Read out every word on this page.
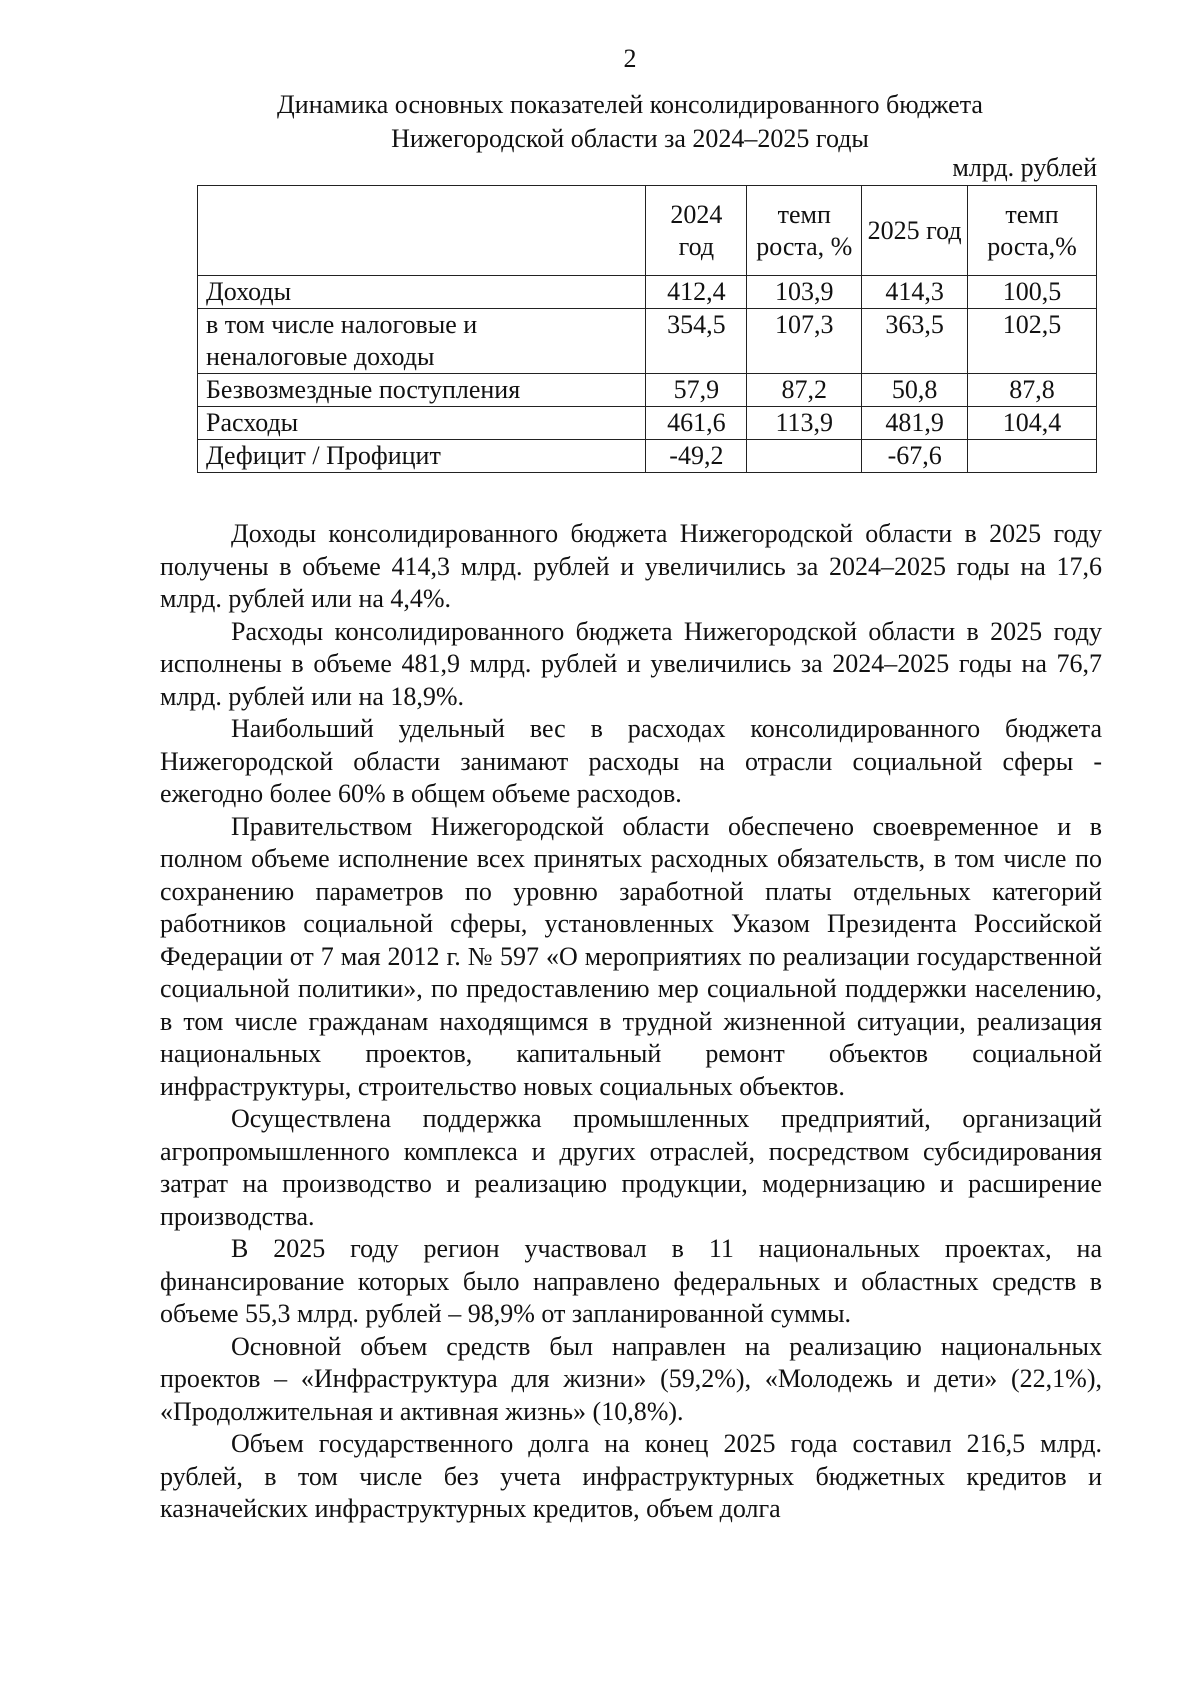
2
Динамика основных показателей консолидированного бюджета
Нижегородской области за 2024–2025 годы
млрд. рублей
	2024 год	темп роста, %	2025 год	темп роста,%
Доходы	412,4	103,9	414,3	100,5
в том числе налоговые и неналоговые доходы	354,5	107,3	363,5	102,5
Безвозмездные поступления	57,9	87,2	50,8	87,8
Расходы	461,6	113,9	481,9	104,4
Дефицит / Профицит	-49,2		-67,6	

Доходы консолидированного бюджета Нижегородской области в 2025 году получены в объеме 414,3 млрд. рублей и увеличились за 2024–2025 годы на 17,6 млрд. рублей или на 4,4%.

Расходы консолидированного бюджета Нижегородской области в 2025 году исполнены в объеме 481,9 млрд. рублей и увеличились за 2024–2025 годы на 76,7 млрд. рублей или на 18,9%.

Наибольший удельный вес в расходах консолидированного бюджета Нижегородской области занимают расходы на отрасли социальной сферы - ежегодно более 60% в общем объеме расходов.

Правительством Нижегородской области обеспечено своевременное и в полном объеме исполнение всех принятых расходных обязательств, в том числе по сохранению параметров по уровню заработной платы отдельных категорий работников социальной сферы, установленных Указом Президента Российской Федерации от 7 мая 2012 г. № 597 «О мероприятиях по реализации государственной социальной политики», по предоставлению мер социальной поддержки населению, в том числе гражданам находящимся в трудной жизненной ситуации, реализация национальных проектов, капитальный ремонт объектов социальной инфраструктуры, строительство новых социальных объектов.

Осуществлена поддержка промышленных предприятий, организаций агропромышленного комплекса и других отраслей, посредством субсидирования затрат на производство и реализацию продукции, модернизацию и расширение производства.

В 2025 году регион участвовал в 11 национальных проектах, на финансирование которых было направлено федеральных и областных средств в объеме 55,3 млрд. рублей – 98,9% от запланированной суммы.

Основной объем средств был направлен на реализацию национальных проектов – «Инфраструктура для жизни» (59,2%), «Молодежь и дети» (22,1%), «Продолжительная и активная жизнь» (10,8%).

Объем государственного долга на конец 2025 года составил 216,5 млрд. рублей, в том числе без учета инфраструктурных бюджетных кредитов и казначейских инфраструктурных кредитов, объем долга
